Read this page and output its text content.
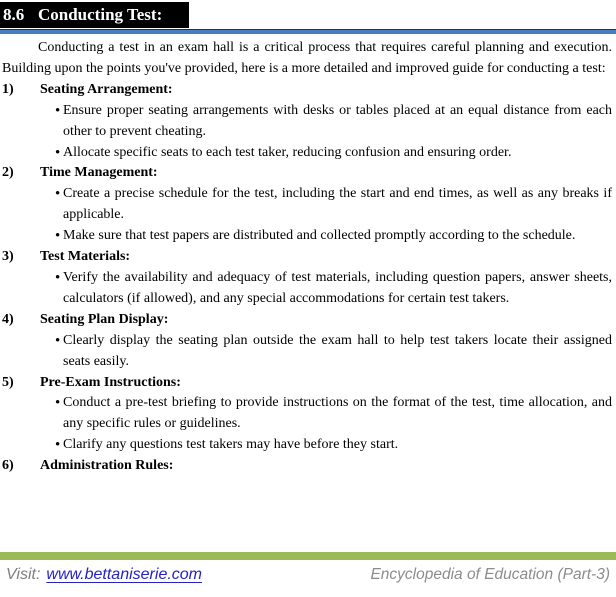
8.6 Conducting Test:

Conducting a test in an exam hall is a critical process that requires careful planning and execution. Building upon the points you've provided, here is a more detailed and improved guide for conducting a test:

1) Seating Arrangement:

• Ensure proper seating arrangements with desks or tables placed at an equal distance from each other to prevent cheating.

• Allocate specific seats to each test taker, reducing confusion and ensuring order.

2) Time Management:

• Create a precise schedule for the test, including the start and end times, as well as any breaks if applicable.

• Make sure that test papers are distributed and collected promptly according to the schedule.

3) Test Materials:

• Verify the availability and adequacy of test materials, including question papers, answer sheets, calculators (if allowed), and any special accommodations for certain test takers.

4) Seating Plan Display:

• Clearly display the seating plan outside the exam hall to help test takers locate their assigned seats easily.

5) Pre-Exam Instructions:

• Conduct a pre-test briefing to provide instructions on the format of the test, time allocation, and any specific rules or guidelines.

• Clarify any questions test takers may have before they start.

6) Administration Rules:

Visit: www.bettaniserie.com	Encyclopedia of Education (Part-3)
